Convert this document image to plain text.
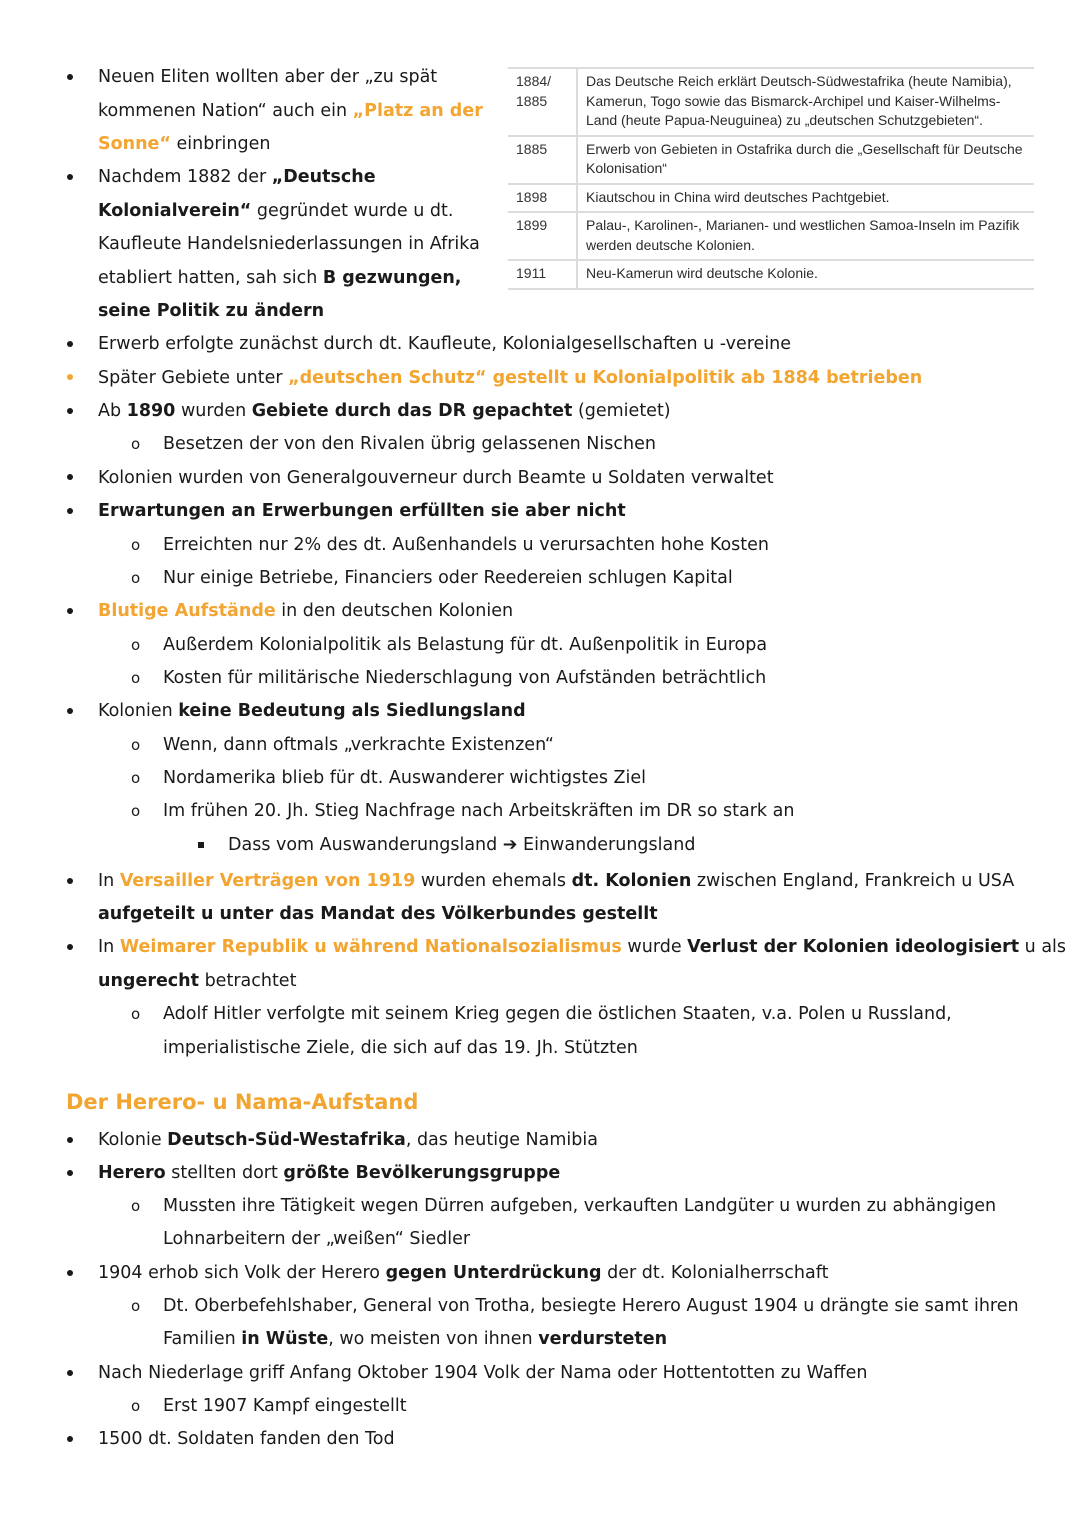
1884/ 1885	Das Deutsche Reich erklärt Deutsch-Südwestafrika (heute Namibia), Kamerun, Togo sowie das Bismarck-Archipel und Kaiser-Wilhelms-Land (heute Papua-Neuguinea) zu „deutschen Schutzgebieten“.
1885	Erwerb von Gebieten in Ostafrika durch die „Gesellschaft für Deutsche Kolonisation“
1898	Kiautschou in China wird deutsches Pachtgebiet.
1899	Palau-, Karolinen-, Marianen- und westlichen Samoa-Inseln im Pazifik werden deutsche Kolonien.
1911	Neu-Kamerun wird deutsche Kolonie.
Neuen Eliten wollten aber der „zu spät
kommenen Nation“ auch ein „Platz an der
Sonne“ einbringen
Nachdem 1882 der „Deutsche
Kolonialverein“ gegründet wurde u dt.
Kaufleute Handelsniederlassungen in Afrika
etabliert hatten, sah sich B gezwungen,
seine Politik zu ändern
Erwerb erfolgte zunächst durch dt. Kaufleute, Kolonialgesellschaften u -vereine
Später Gebiete unter „deutschen Schutz“ gestellt u Kolonialpolitik ab 1884 betrieben
Ab 1890 wurden Gebiete durch das DR gepachtet (gemietet)
o Besetzen der von den Rivalen übrig gelassenen Nischen
Kolonien wurden von Generalgouverneur durch Beamte u Soldaten verwaltet
Erwartungen an Erwerbungen erfüllten sie aber nicht
o Erreichten nur 2% des dt. Außenhandels u verursachten hohe Kosten
o Nur einige Betriebe, Financiers oder Reedereien schlugen Kapital
Blutige Aufstände in den deutschen Kolonien
o Außerdem Kolonialpolitik als Belastung für dt. Außenpolitik in Europa
o Kosten für militärische Niederschlagung von Aufständen beträchtlich
Kolonien keine Bedeutung als Siedlungsland
o Wenn, dann oftmals „verkrachte Existenzen“
o Nordamerika blieb für dt. Auswanderer wichtigstes Ziel
o Im frühen 20. Jh. Stieg Nachfrage nach Arbeitskräften im DR so stark an
Dass vom Auswanderungsland ➔ Einwanderungsland
In Versailler Verträgen von 1919 wurden ehemals dt. Kolonien zwischen England, Frankreich u USA
aufgeteilt u unter das Mandat des Völkerbundes gestellt
In Weimarer Republik u während Nationalsozialismus wurde Verlust der Kolonien ideologisiert u als
ungerecht betrachtet
o Adolf Hitler verfolgte mit seinem Krieg gegen die östlichen Staaten, v.a. Polen u Russland,
imperialistische Ziele, die sich auf das 19. Jh. Stützten
Der Herero- u Nama-Aufstand
Kolonie Deutsch-Süd-Westafrika, das heutige Namibia
Herero stellten dort größte Bevölkerungsgruppe
o Mussten ihre Tätigkeit wegen Dürren aufgeben, verkauften Landgüter u wurden zu abhängigen
Lohnarbeitern der „weißen“ Siedler
1904 erhob sich Volk der Herero gegen Unterdrückung der dt. Kolonialherrschaft
o Dt. Oberbefehlshaber, General von Trotha, besiegte Herero August 1904 u drängte sie samt ihren
Familien in Wüste, wo meisten von ihnen verdursteten
Nach Niederlage griff Anfang Oktober 1904 Volk der Nama oder Hottentotten zu Waffen
o Erst 1907 Kampf eingestellt
1500 dt. Soldaten fanden den Tod
